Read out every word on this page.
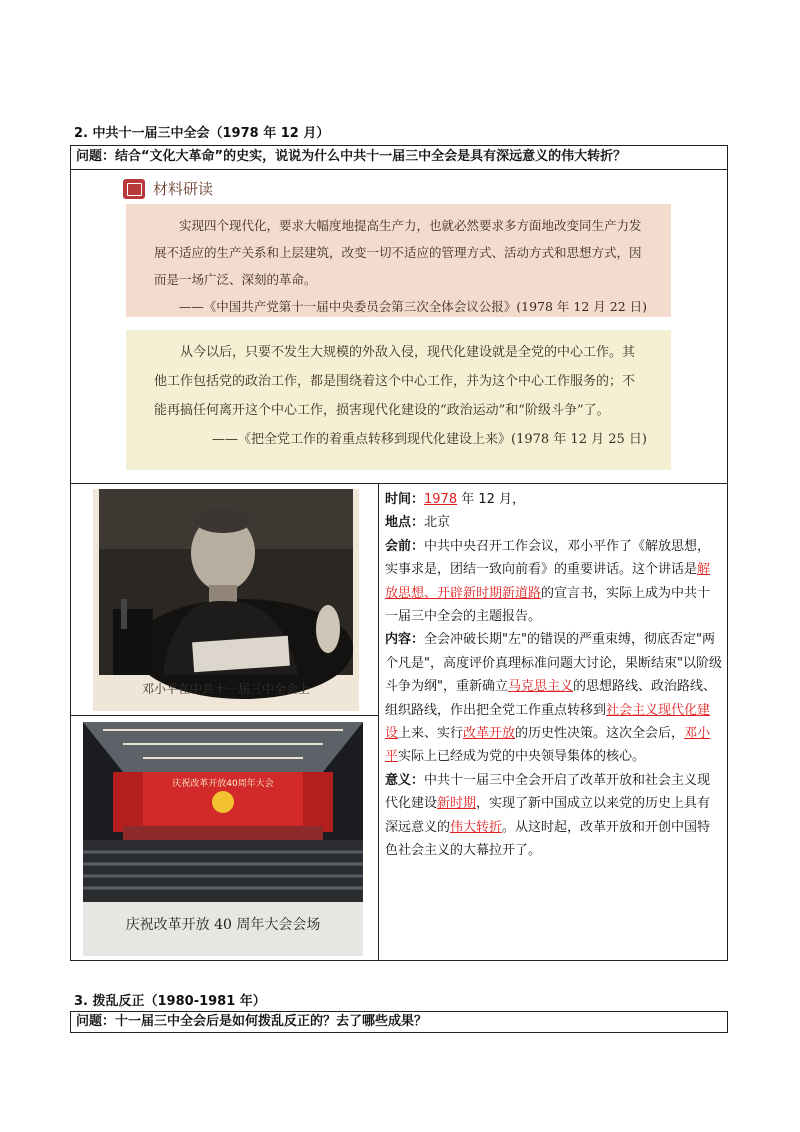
2. 中共十一届三中全会（1978 年 12 月）
问题：结合“文化大革命”的史实，说说为什么中共十一届三中全会是具有深远意义的伟大转折？
材料研读
实现四个现代化，要求大幅度地提高生产力，也就必然要求多方面地改变同生产力发展不适应的生产关系和上层建筑，改变一切不适应的管理方式、活动方式和思想方式，因而是一场广泛、深刻的革命。
——《中国共产党第十一届中央委员会第三次全体会议公报》(1978 年 12 月 22 日)
从今以后，只要不发生大规模的外敌入侵，现代化建设就是全党的中心工作。其他工作包括党的政治工作，都是围绕着这个中心工作，并为这个中心工作服务的；不能再搞任何离开这个中心工作，损害现代化建设的“政治运动”和“阶级斗争”了。
——《把全党工作的着重点转移到现代化建设上来》(1978 年 12 月 25 日)
邓小平在中共十一届三中全会上
庆祝改革开放40周年大会
庆祝改革开放 40 周年大会会场

时间：1978 年 12 月，

地点：北京

会前：中共中央召开工作会议，邓小平作了《解放思想，实事求是，团结一致向前看》的重要讲话。这个讲话是解放思想、开辟新时期新道路的宣言书，实际上成为中共十一届三中全会的主题报告。

内容：全会冲破长期"左"的错误的严重束缚，彻底否定"两个凡是"，高度评价真理标准问题大讨论，果断结束"以阶级斗争为纲"，重新确立马克思主义的思想路线、政治路线、组织路线，作出把全党工作重点转移到社会主义现代化建设上来、实行改革开放的历史性决策。这次全会后，邓小平实际上已经成为党的中央领导集体的核心。

意义：中共十一届三中全会开启了改革开放和社会主义现代化建设新时期，实现了新中国成立以来党的历史上具有深远意义的伟大转折。从这时起，改革开放和开创中国特色社会主义的大幕拉开了。

3. 拨乱反正（1980-1981 年）
问题：十一届三中全会后是如何拨乱反正的？去了哪些成果？
